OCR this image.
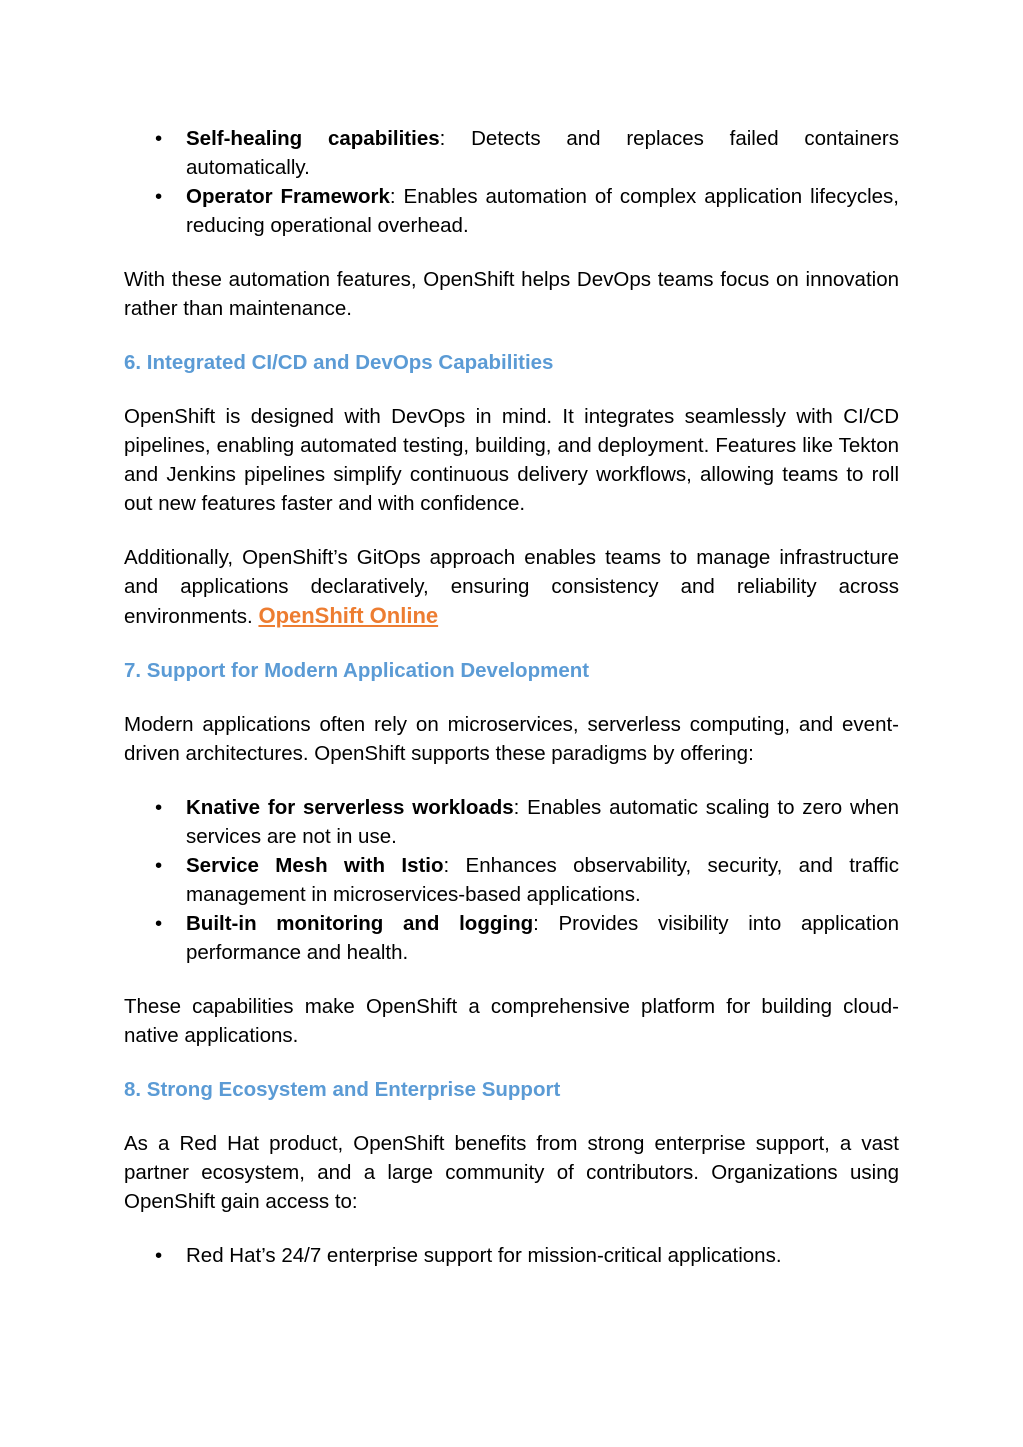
• Self-healing capabilities: Detects and replaces failed containers automatically.
• Operator Framework: Enables automation of complex application lifecycles, reducing operational overhead.

With these automation features, OpenShift helps DevOps teams focus on innovation rather than maintenance.

6. Integrated CI/CD and DevOps Capabilities

OpenShift is designed with DevOps in mind. It integrates seamlessly with CI/CD pipelines, enabling automated testing, building, and deployment. Features like Tekton and Jenkins pipelines simplify continuous delivery workflows, allowing teams to roll out new features faster and with confidence.

Additionally, OpenShift’s GitOps approach enables teams to manage infrastructure and applications declaratively, ensuring consistency and reliability across environments. OpenShift Online

7. Support for Modern Application Development

Modern applications often rely on microservices, serverless computing, and event-driven architectures. OpenShift supports these paradigms by offering:

• Knative for serverless workloads: Enables automatic scaling to zero when services are not in use.
• Service Mesh with Istio: Enhances observability, security, and traffic management in microservices-based applications.
• Built-in monitoring and logging: Provides visibility into application performance and health.

These capabilities make OpenShift a comprehensive platform for building cloud-native applications.

8. Strong Ecosystem and Enterprise Support

As a Red Hat product, OpenShift benefits from strong enterprise support, a vast partner ecosystem, and a large community of contributors. Organizations using OpenShift gain access to:

• Red Hat’s 24/7 enterprise support for mission-critical applications.
